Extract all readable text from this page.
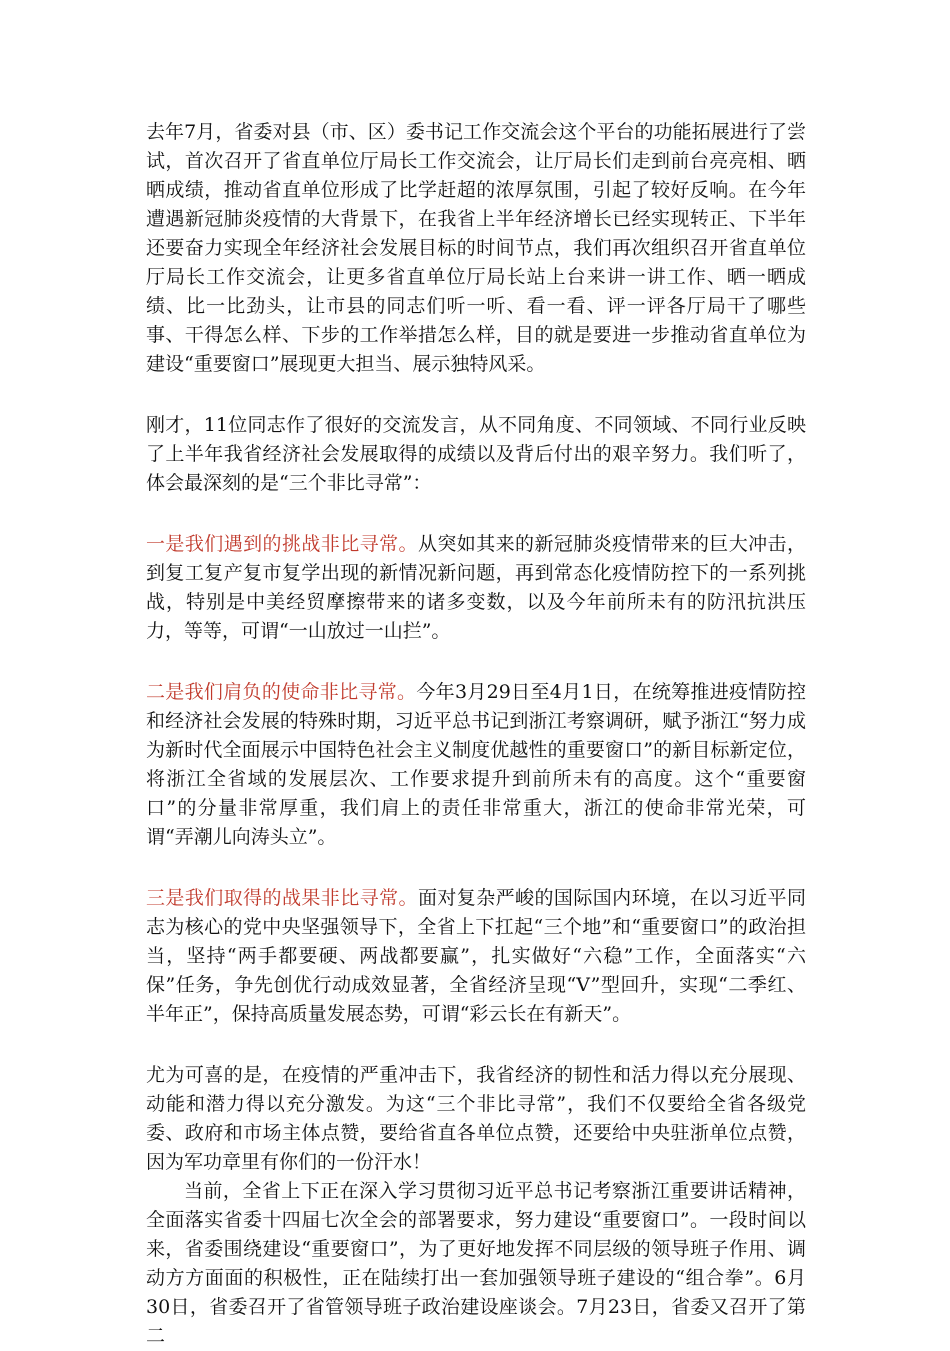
去年7月，省委对县（市、区）委书记工作交流会这个平台的功能拓展进行了尝试，首次召开了省直单位厅局长工作交流会，让厅局长们走到前台亮亮相、晒晒成绩，推动省直单位形成了比学赶超的浓厚氛围，引起了较好反响。在今年遭遇新冠肺炎疫情的大背景下，在我省上半年经济增长已经实现转正、下半年还要奋力实现全年经济社会发展目标的时间节点，我们再次组织召开省直单位厅局长工作交流会，让更多省直单位厅局长站上台来讲一讲工作、晒一晒成绩、比一比劲头，让市县的同志们听一听、看一看、评一评各厅局干了哪些事、干得怎么样、下步的工作举措怎么样，目的就是要进一步推动省直单位为建设“重要窗口”展现更大担当、展示独特风采。

刚才，11位同志作了很好的交流发言，从不同角度、不同领域、不同行业反映了上半年我省经济社会发展取得的成绩以及背后付出的艰辛努力。我们听了，体会最深刻的是“三个非比寻常”：

一是我们遇到的挑战非比寻常。从突如其来的新冠肺炎疫情带来的巨大冲击，到复工复产复市复学出现的新情况新问题，再到常态化疫情防控下的一系列挑战，特别是中美经贸摩擦带来的诸多变数，以及今年前所未有的防汛抗洪压力，等等，可谓“一山放过一山拦”。

二是我们肩负的使命非比寻常。今年3月29日至4月1日，在统筹推进疫情防控和经济社会发展的特殊时期，习近平总书记到浙江考察调研，赋予浙江“努力成为新时代全面展示中国特色社会主义制度优越性的重要窗口”的新目标新定位，将浙江全省域的发展层次、工作要求提升到前所未有的高度。这个“重要窗口”的分量非常厚重，我们肩上的责任非常重大，浙江的使命非常光荣，可谓“弄潮儿向涛头立”。

三是我们取得的战果非比寻常。面对复杂严峻的国际国内环境，在以习近平同志为核心的党中央坚强领导下，全省上下扛起“三个地”和“重要窗口”的政治担当，坚持“两手都要硬、两战都要赢”，扎实做好“六稳”工作，全面落实“六保”任务，争先创优行动成效显著，全省经济呈现“V”型回升，实现“二季红、半年正”，保持高质量发展态势，可谓“彩云长在有新天”。

尤为可喜的是，在疫情的严重冲击下，我省经济的韧性和活力得以充分展现、动能和潜力得以充分激发。为这“三个非比寻常”，我们不仅要给全省各级党委、政府和市场主体点赞，要给省直各单位点赞，还要给中央驻浙单位点赞，因为军功章里有你们的一份汗水！

当前，全省上下正在深入学习贯彻习近平总书记考察浙江重要讲话精神，全面落实省委十四届七次全会的部署要求，努力建设“重要窗口”。一段时间以来，省委围绕建设“重要窗口”，为了更好地发挥不同层级的领导班子作用、调动方方面面的积极性，正在陆续打出一套加强领导班子建设的“组合拳”。6月30日，省委召开了省管领导班子政治建设座谈会。7月23日，省委又召开了第二
